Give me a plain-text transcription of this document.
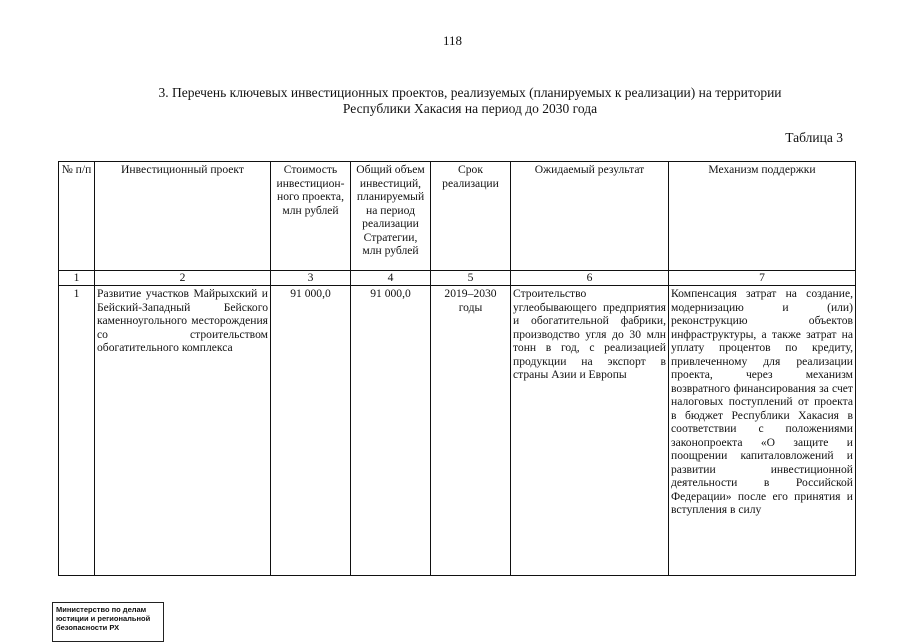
118
3. Перечень ключевых инвестиционных проектов, реализуемых (планируемых к реализации) на территории
Республики Хакасия на период до 2030 года
Таблица 3
№ п/п	Инвестиционный проект	Стоимость инвестицион-ного проекта, млн рублей	Общий объем инвестиций, планируемый на период реализации Стратегии, млн рублей	Срок реализации	Ожидаемый результат	Механизм поддержки
1	2	3	4	5	6	7
1	Развитие участков Майрыхский и Бейский-Западный Бейского каменноугольного месторождения со строительством обогатительного комплекса	91 000,0	91 000,0	2019–2030 годы	Строительство углеобывающего предприятия и обогатительной фабрики, производство угля до 30 млн тонн в год, с реализацией продукции на экспорт в страны Азии и Европы	Компенсация затрат на создание, модернизацию и (или) реконструкцию объектов инфраструктуры, а также затрат на уплату процентов по кредиту, привлеченному для реализации проекта, через механизм возвратного финансирования за счет налоговых поступлений от проекта в бюджет Республики Хакасия в соответствии с положениями законопроекта «О защите и поощрении капиталовложений и развитии инвестиционной деятельности в Российской Федерации» после его принятия и вступления в силу
Министерство по делам
юстиции и региональной
безопасности РХ
